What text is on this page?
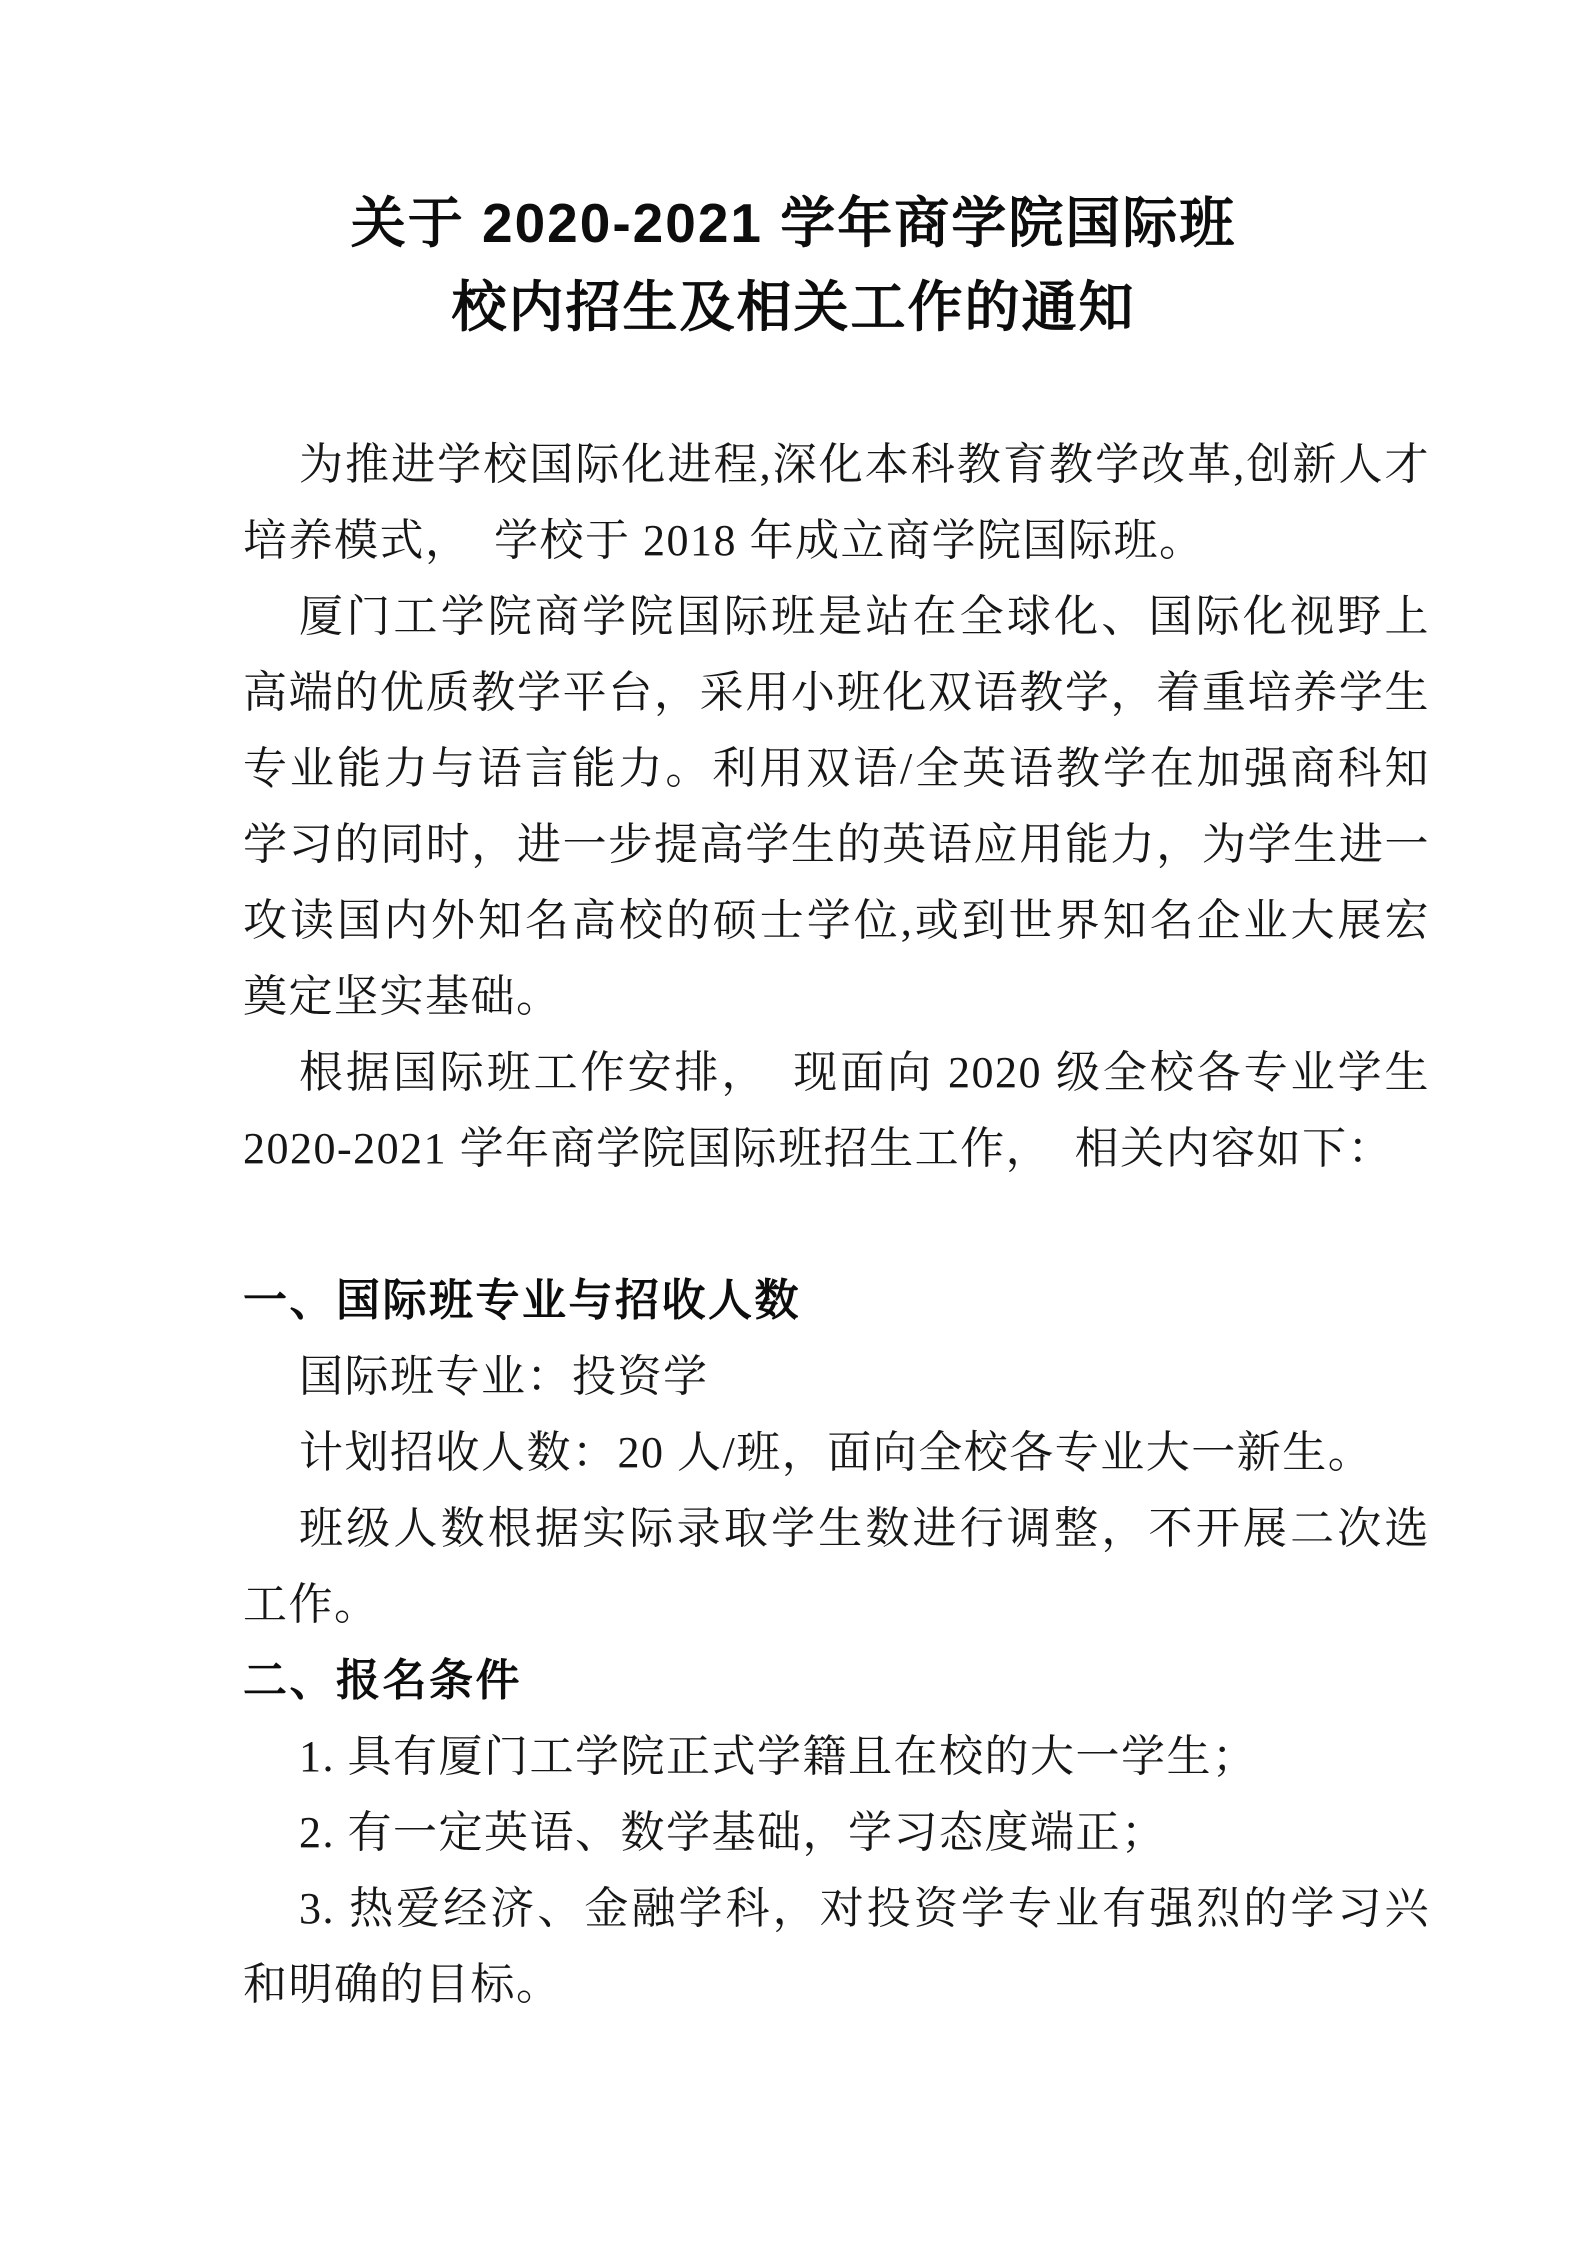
关于 2020-2021 学年商学院国际班
校内招生及相关工作的通知
为推进学校国际化进程,深化本科教育教学改革,创新人才
培养模式，　学校于 2018 年成立商学院国际班。
厦门工学院商学院国际班是站在全球化、国际化视野上
高端的优质教学平台，采用小班化双语教学，着重培养学生
专业能力与语言能力。利用双语/全英语教学在加强商科知
学习的同时，进一步提高学生的英语应用能力，为学生进一
攻读国内外知名高校的硕士学位,或到世界知名企业大展宏
奠定坚实基础。
根据国际班工作安排，　现面向 2020 级全校各专业学生
2020-2021 学年商学院国际班招生工作，　相关内容如下：
一、国际班专业与招收人数
国际班专业：投资学
计划招收人数：20 人/班，面向全校各专业大一新生。
班级人数根据实际录取学生数进行调整，不开展二次选
工作。
二、报名条件
1. 具有厦门工学院正式学籍且在校的大一学生；
2. 有一定英语、数学基础，学习态度端正；
3. 热爱经济、金融学科，对投资学专业有强烈的学习兴
和明确的目标。
